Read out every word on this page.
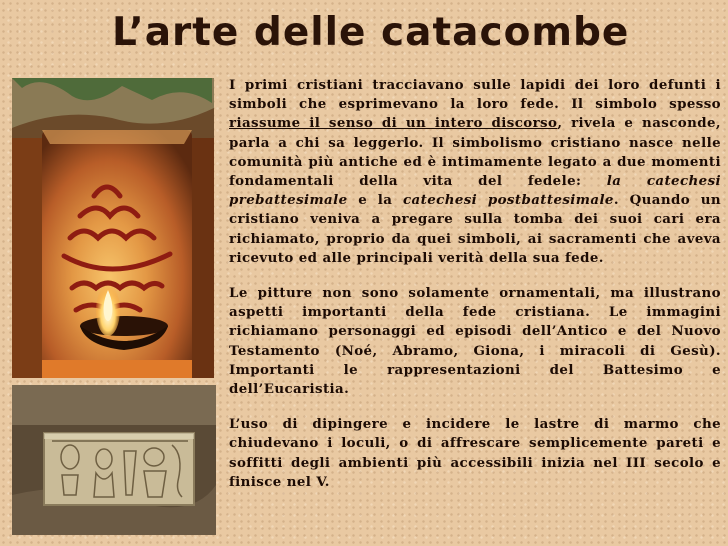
L’arte delle catacombe

I primi cristiani tracciavano sulle lapidi dei loro defunti i simboli che esprimevano la loro fede. Il simbolo spesso riassume il senso di un intero discorso, rivela e nasconde, parla a chi sa leggerlo. Il simbolismo cristiano nasce nelle comunità più antiche ed è intimamente legato a due momenti fondamentali della vita del fedele: la catechesi prebattesimale e la catechesi postbattesimale. Quando un cristiano veniva a pregare sulla tomba dei suoi cari era richiamato, proprio da quei simboli, ai sacramenti che aveva ricevuto ed alle principali verità della sua fede.

Le pitture non sono solamente ornamentali, ma illustrano aspetti importanti della fede cristiana. Le immagini richiamano personaggi ed episodi dell’Antico e del Nuovo Testamento (Noé, Abramo, Giona, i miracoli di Gesù). Importanti le rappresentazioni del Battesimo e dell’Eucaristia.

L’uso di dipingere e incidere le lastre di marmo che chiudevano i loculi, o di affrescare semplicemente pareti e soffitti degli ambienti più accessibili inizia nel III secolo e finisce nel V.
